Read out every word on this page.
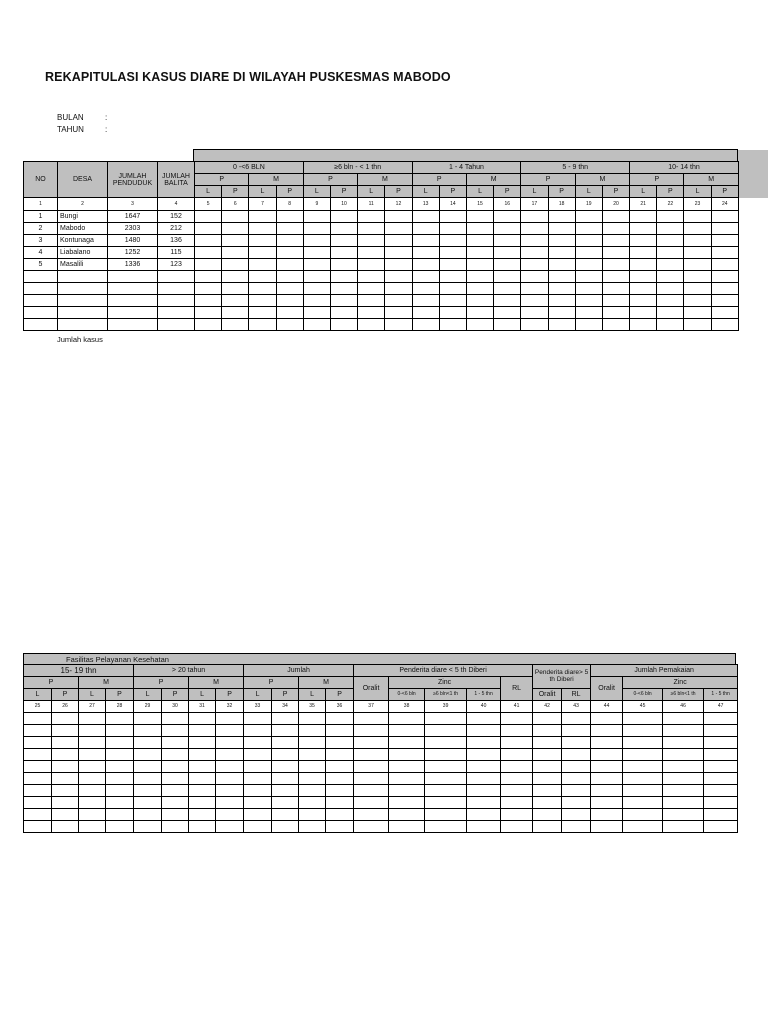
REKAPITULASI KASUS DIARE DI WILAYAH PUSKESMAS MABODO
BULAN	:
TAHUN	:
NO	DESA	JUMLAH PENDUDUK	JUMLAH BALITA	0 -<6 BLN				≥6 bln - < 1 thn				1 - 4 Tahun				5 - 9 thn				10- 14 thn			
				P		M		P		M		P		M		P		M		P		M	
				L	P	L	P	L	P	L	P	L	P	L	P	L	P	L	P	L	P	L	P
1	2	3	4	5	6	7	8	9	10	11	12	13	14	15	16	17	18	19	20	21	22	23	24
1	Bungi	1647	152																				
2	Mabodo	2303	212																				
3	Kontunaga	1480	136																				
4	Liabalano	1252	115																				
5	Masalili	1336	123																				

Jumlah kasus
Fasilitas Pelayanan Kesehatan
15- 19 thn				> 20 tahun				Jumlah				Penderita diare < 5 th Diberi					Penderita diare> 5 th Diberi		Jumlah Pemakaian			
P		M		P		M		P		M		Oralit	Zinc			RL			Oralit	Zinc		
L	P	L	P	L	P	L	P	L	P	L	P		0-<6 bln	≥6 bln<1 th	1 - 5 thn		Oralit	RL		0-<6 bln	≥6 bln<1 th	1 - 5 thn
25	26	27	28	29	30	31	32	33	34	35	36	37	38	39	40	41	42	43	44	45	46	47
